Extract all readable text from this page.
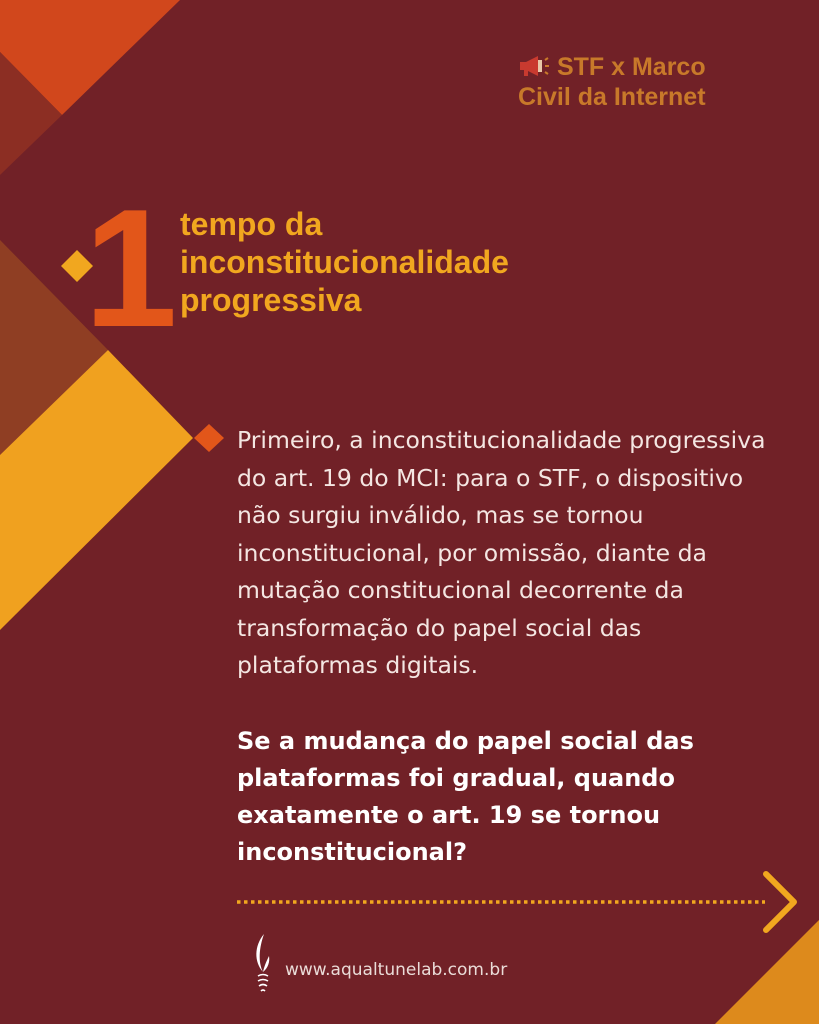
STF x Marco
Civil da Internet
1 tempo da
inconstitucionalidade
progressiva
Primeiro, a inconstitucionalidade progressiva do art. 19 do MCI: para o STF, o dispositivo não surgiu inválido, mas se tornou inconstitucional, por omissão, diante da mutação constitucional decorrente da transformação do papel social das plataformas digitais.
Se a mudança do papel social das plataformas foi gradual, quando exatamente o art. 19 se tornou inconstitucional?
www.aqualtunelab.com.br
